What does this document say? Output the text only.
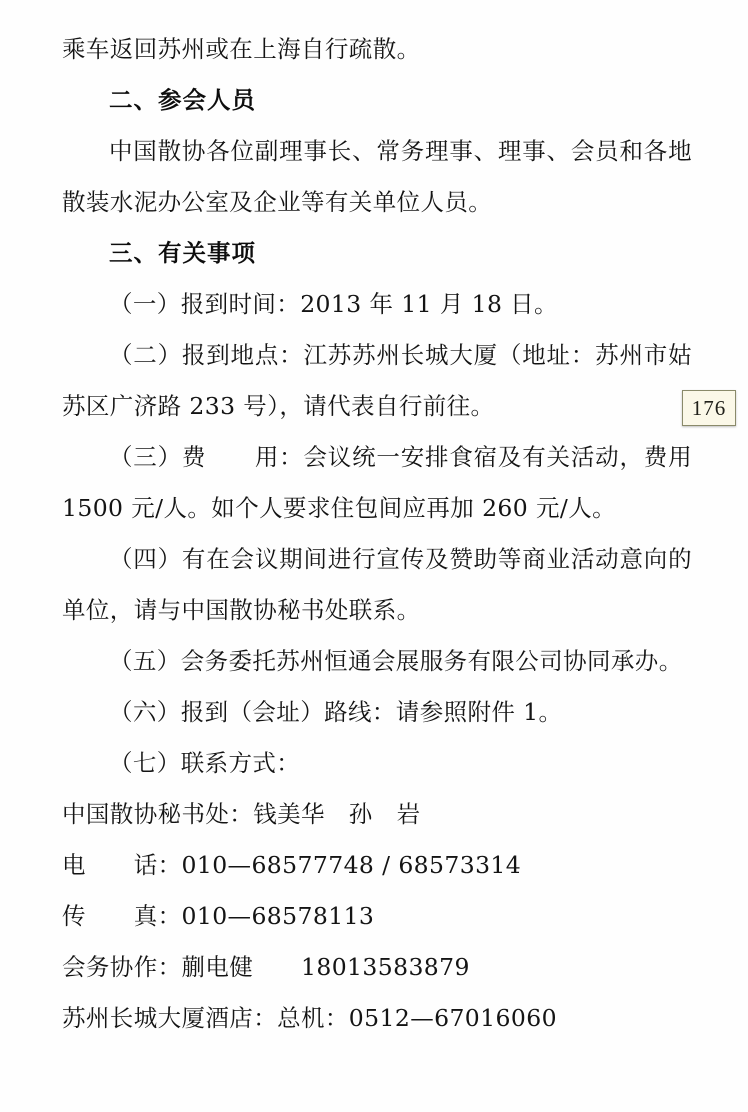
乘车返回苏州或在上海自行疏散。

二、参会人员

中国散协各位副理事长、常务理事、理事、会员和各地散装水泥办公室及企业等有关单位人员。

三、有关事项

（一）报到时间：2013 年 11 月 18 日。

（二）报到地点：江苏苏州长城大厦（地址：苏州市姑苏区广济路 233 号），请代表自行前往。

（三）费　　用：会议统一安排食宿及有关活动，费用 1500 元/人。如个人要求住包间应再加 260 元/人。

（四）有在会议期间进行宣传及赞助等商业活动意向的单位，请与中国散协秘书处联系。

（五）会务委托苏州恒通会展服务有限公司协同承办。

（六）报到（会址）路线：请参照附件 1。

（七）联系方式：

中国散协秘书处：钱美华　孙　岩

电　　话：010—68577748 / 68573314

传　　真：010—68578113

会务协作：蒯电健　　18013583879

苏州长城大厦酒店：总机：0512—67016060

176
